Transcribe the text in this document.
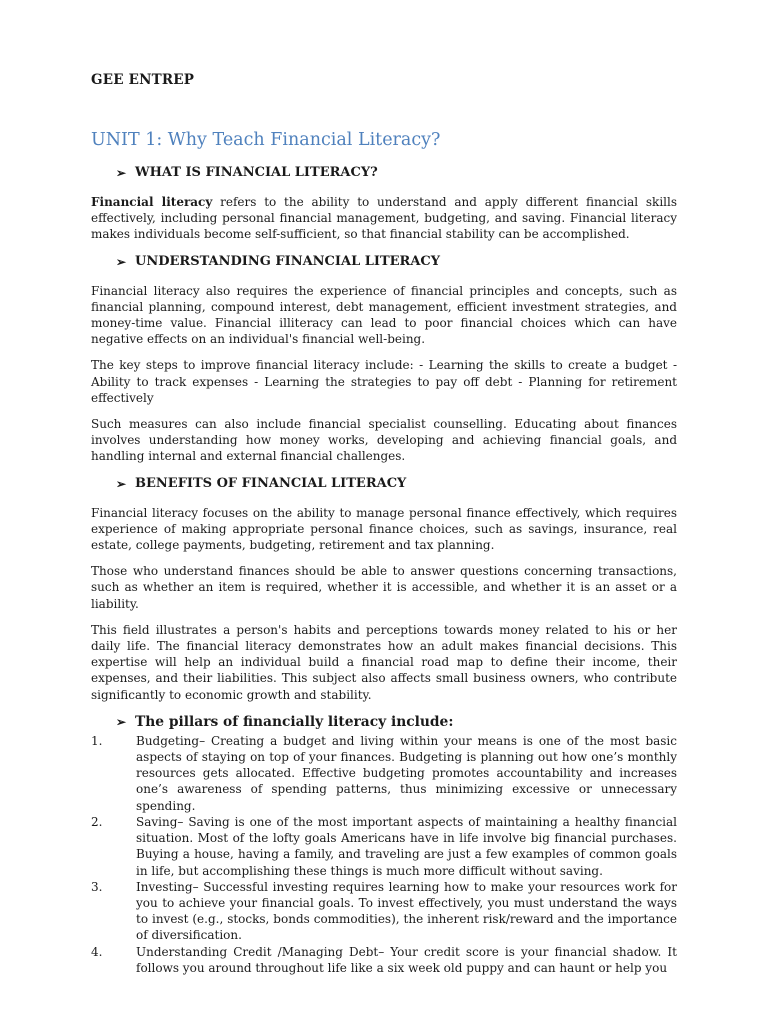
GEE ENTREP
UNIT 1: Why Teach Financial Literacy?
➢ WHAT IS FINANCIAL LITERACY?

Financial literacy refers to the ability to understand and apply different financial skills effectively, including personal financial management, budgeting, and saving. Financial literacy makes individuals become self-sufficient, so that financial stability can be accomplished.

➢ UNDERSTANDING FINANCIAL LITERACY

Financial literacy also requires the experience of financial principles and concepts, such as financial planning, compound interest, debt management, efficient investment strategies, and money-time value. Financial illiteracy can lead to poor financial choices which can have negative effects on an individual's financial well-being.

The key steps to improve financial literacy include: - Learning the skills to create a budget - Ability to track expenses - Learning the strategies to pay off debt - Planning for retirement effectively

Such measures can also include financial specialist counselling. Educating about finances involves understanding how money works, developing and achieving financial goals, and handling internal and external financial challenges.

➢ BENEFITS OF FINANCIAL LITERACY

Financial literacy focuses on the ability to manage personal finance effectively, which requires experience of making appropriate personal finance choices, such as savings, insurance, real estate, college payments, budgeting, retirement and tax planning.

Those who understand finances should be able to answer questions concerning transactions, such as whether an item is required, whether it is accessible, and whether it is an asset or a liability.

This field illustrates a person's habits and perceptions towards money related to his or her daily life. The financial literacy demonstrates how an adult makes financial decisions. This expertise will help an individual build a financial road map to define their income, their expenses, and their liabilities. This subject also affects small business owners, who contribute significantly to economic growth and stability.

➢ The pillars of financially literacy include:
1.	Budgeting– Creating a budget and living within your means is one of the most basic aspects of staying on top of your finances. Budgeting is planning out how one’s monthly resources gets allocated. Effective budgeting promotes accountability and increases one’s awareness of spending patterns, thus minimizing excessive or unnecessary spending.
2.	Saving– Saving is one of the most important aspects of maintaining a healthy financial situation. Most of the lofty goals Americans have in life involve big financial purchases. Buying a house, having a family, and traveling are just a few examples of common goals in life, but accomplishing these things is much more difficult without saving.
3.	Investing– Successful investing requires learning how to make your resources work for you to achieve your financial goals. To invest effectively, you must understand the ways to invest (e.g., stocks, bonds commodities), the inherent risk/reward and the importance of diversification.
4.	Understanding Credit /Managing Debt– Your credit score is your financial shadow. It follows you around throughout life like a six week old puppy and can haunt or help you
